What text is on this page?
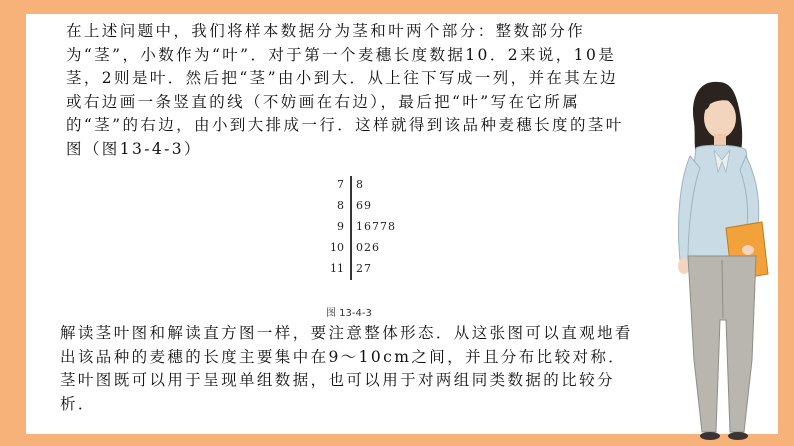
在上述问题中，我们将样本数据分为茎和叶两个部分：整数部分作为“茎”，小数作为“叶”．对于第一个麦穗长度数据10．2来说，10是茎，2则是叶．然后把“茎”由小到大．从上往下写成一列，并在其左边或右边画一条竖直的线（不妨画在右边），最后把“叶”写在它所属的“茎”的右边，由小到大排成一行．这样就得到该品种麦穗长度的茎叶图（图13-4-3）

7
8
9
10
11
8
69
16778
026
27
图 13-4-3

解读茎叶图和解读直方图一样，要注意整体形态．从这张图可以直观地看出该品种的麦穗的长度主要集中在9～10cm之间，并且分布比较对称．茎叶图既可以用于呈现单组数据，也可以用于对两组同类数据的比较分析．
